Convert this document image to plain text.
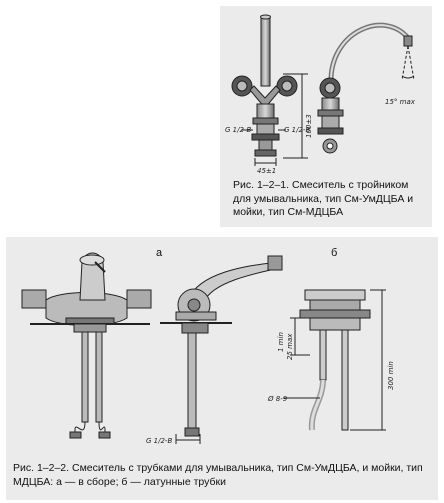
G 1/2-B	G 1/2-B
100±3
45±1
15° max
Рис. 1–2–1. Смеситель с тройником для умывальника, тип См-УмДЦБА и мойки, тип См-МДЦБА
G 1/2-B
1 min 25 max
Ø 8-9
300 min
а	б
Рис. 1–2–2. Смеситель с трубками для умывальника, тип См-УмДЦБА, и мойки, тип МДЦБА: а — в сборе; б — латунные трубки
